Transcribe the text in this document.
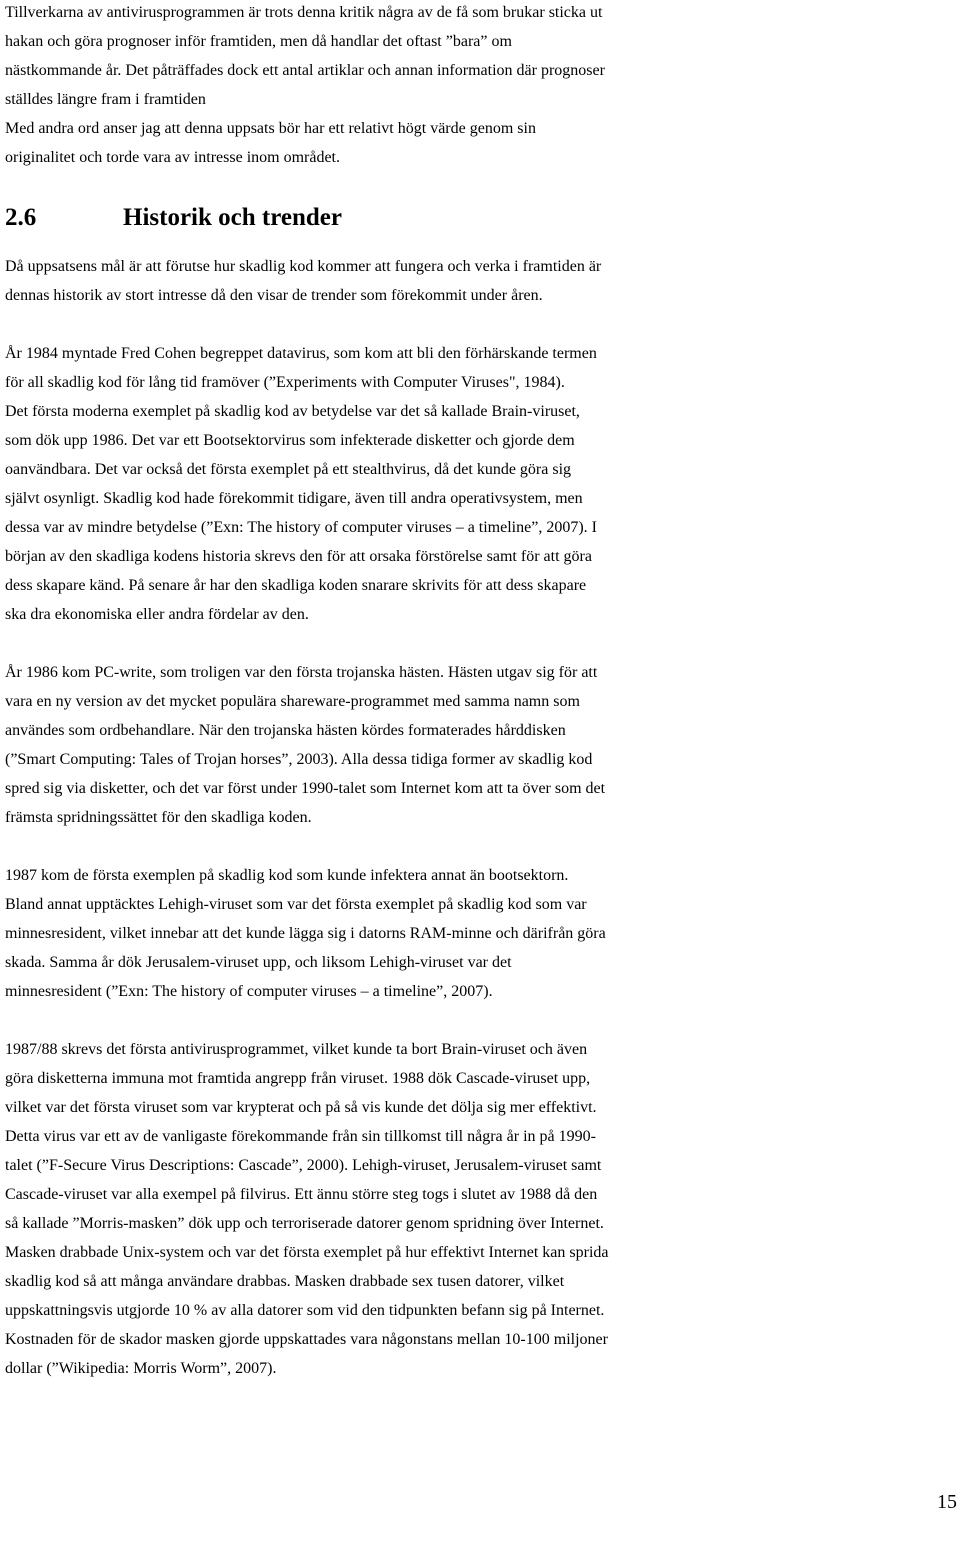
Tillverkarna av antivirusprogrammen är trots denna kritik några av de få som brukar sticka ut
hakan och göra prognoser inför framtiden, men då handlar det oftast ”bara” om
nästkommande år. Det påträffades dock ett antal artiklar och annan information där prognoser
ställdes längre fram i framtiden

Med andra ord anser jag att denna uppsats bör har ett relativt högt värde genom sin
originalitet och torde vara av intresse inom området.

2.6	Historik och trender

Då uppsatsens mål är att förutse hur skadlig kod kommer att fungera och verka i framtiden är
dennas historik av stort intresse då den visar de trender som förekommit under åren.

År 1984 myntade Fred Cohen begreppet datavirus, som kom att bli den förhärskande termen
för all skadlig kod för lång tid framöver (”Experiments with Computer Viruses", 1984).
Det första moderna exemplet på skadlig kod av betydelse var det så kallade Brain-viruset,
som dök upp 1986. Det var ett Bootsektorvirus som infekterade disketter och gjorde dem
oanvändbara. Det var också det första exemplet på ett stealthvirus, då det kunde göra sig
självt osynligt. Skadlig kod hade förekommit tidigare, även till andra operativsystem, men
dessa var av mindre betydelse (”Exn: The history of computer viruses – a timeline”, 2007). I
början av den skadliga kodens historia skrevs den för att orsaka förstörelse samt för att göra
dess skapare känd. På senare år har den skadliga koden snarare skrivits för att dess skapare
ska dra ekonomiska eller andra fördelar av den.

År 1986 kom PC-write, som troligen var den första trojanska hästen. Hästen utgav sig för att
vara en ny version av det mycket populära shareware-programmet med samma namn som
användes som ordbehandlare. När den trojanska hästen kördes formaterades hårddisken
(”Smart Computing: Tales of Trojan horses”, 2003). Alla dessa tidiga former av skadlig kod
spred sig via disketter, och det var först under 1990-talet som Internet kom att ta över som det
främsta spridningssättet för den skadliga koden.

1987 kom de första exemplen på skadlig kod som kunde infektera annat än bootsektorn.
Bland annat upptäcktes Lehigh-viruset som var det första exemplet på skadlig kod som var
minnesresident, vilket innebar att det kunde lägga sig i datorns RAM-minne och därifrån göra
skada. Samma år dök Jerusalem-viruset upp, och liksom Lehigh-viruset var det
minnesresident (”Exn: The history of computer viruses – a timeline”, 2007).

1987/88 skrevs det första antivirusprogrammet, vilket kunde ta bort Brain-viruset och även
göra disketterna immuna mot framtida angrepp från viruset. 1988 dök Cascade-viruset upp,
vilket var det första viruset som var krypterat och på så vis kunde det dölja sig mer effektivt.
Detta virus var ett av de vanligaste förekommande från sin tillkomst till några år in på 1990-
talet (”F-Secure Virus Descriptions: Cascade”, 2000). Lehigh-viruset, Jerusalem-viruset samt
Cascade-viruset var alla exempel på filvirus. Ett ännu större steg togs i slutet av 1988 då den
så kallade ”Morris-masken” dök upp och terroriserade datorer genom spridning över Internet.
Masken drabbade Unix-system och var det första exemplet på hur effektivt Internet kan sprida
skadlig kod så att många användare drabbas. Masken drabbade sex tusen datorer, vilket
uppskattningsvis utgjorde 10 % av alla datorer som vid den tidpunkten befann sig på Internet.
Kostnaden för de skador masken gjorde uppskattades vara någonstans mellan 10-100 miljoner
dollar (”Wikipedia: Morris Worm”, 2007).

15
